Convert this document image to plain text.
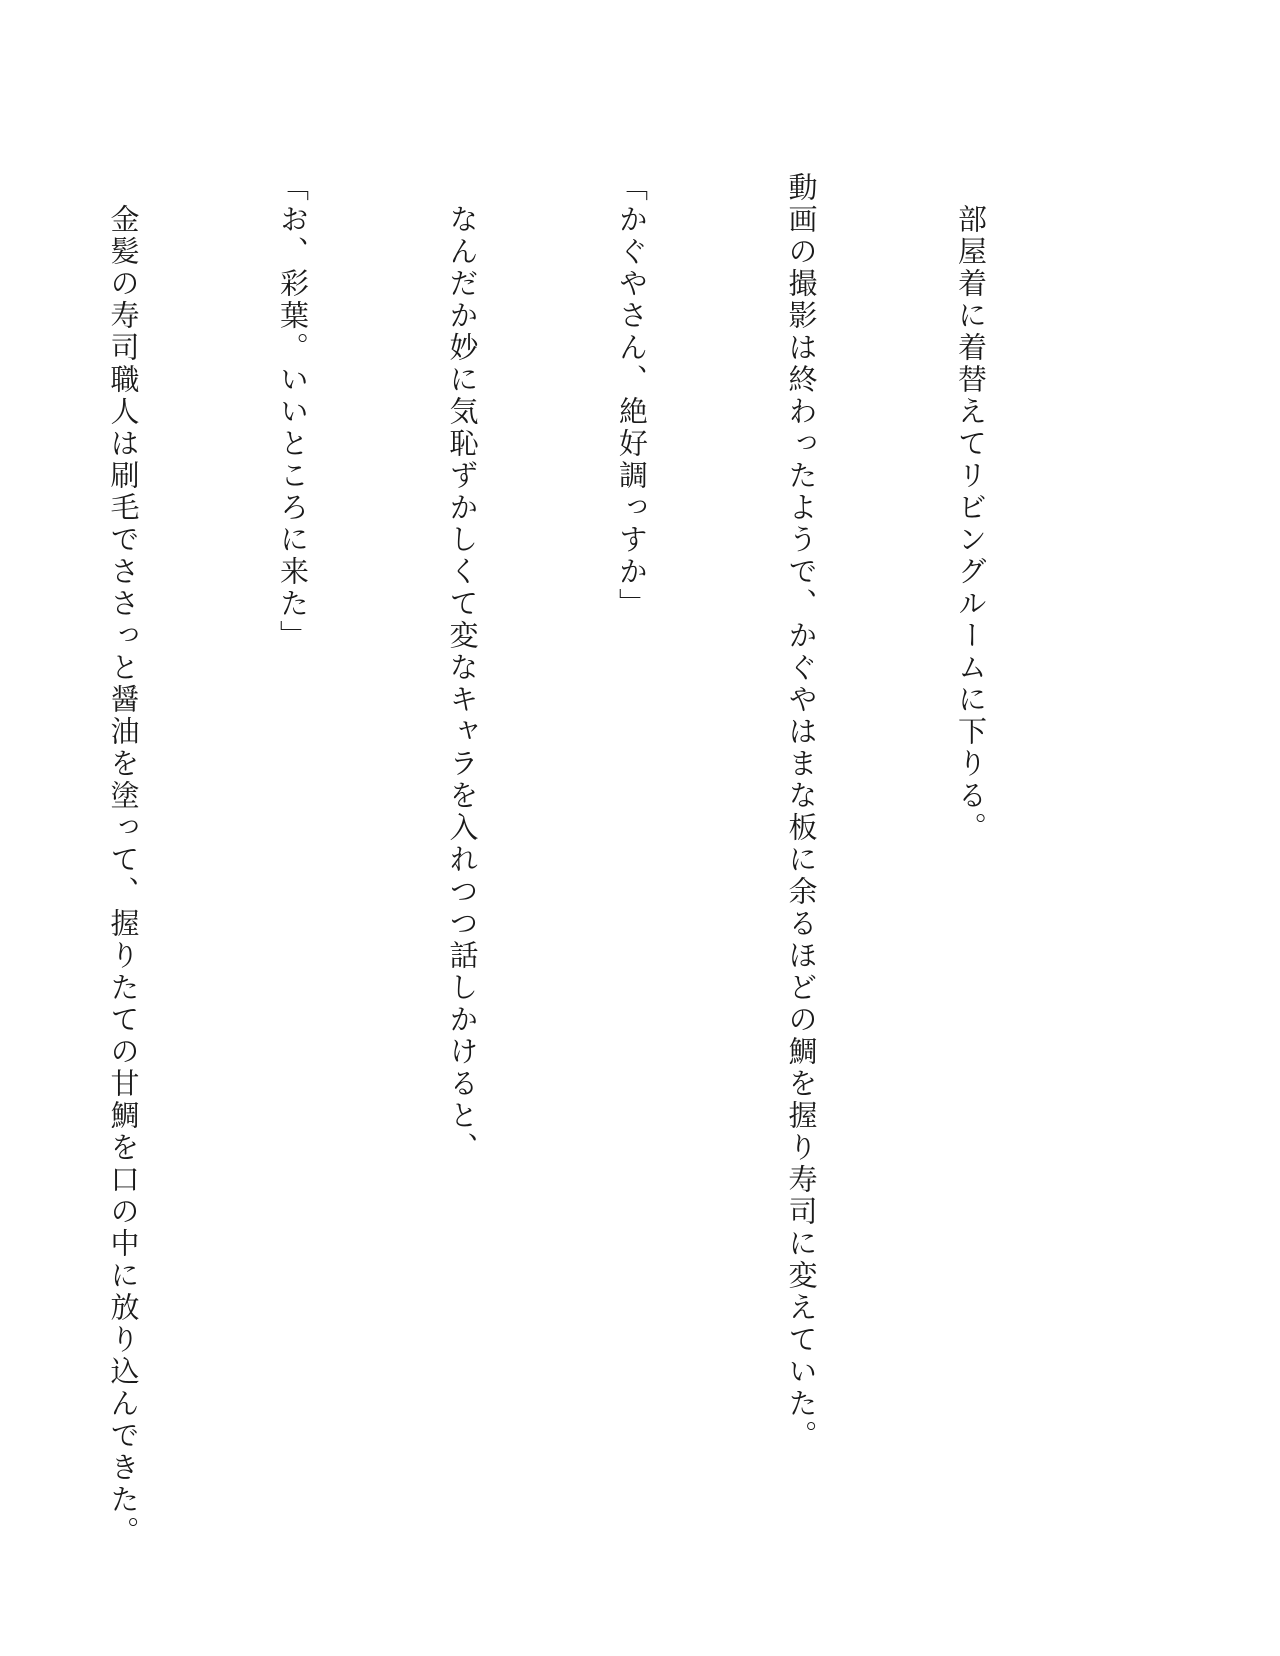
　部屋着に着替えてリビングルームに下りる。

動画の撮影は終わったようで、かぐやはまな板に余るほどの鯛を握り寿司に変えていた。

「かぐやさん、絶好調っすか」

　なんだか妙に気恥ずかしくて変なキャラを入れつつ話しかけると、

「お、彩葉。いいところに来た」

　金髪の寿司職人は刷毛でささっと醤油を塗って、握りたての甘鯛を口の中に放り込んできた。
